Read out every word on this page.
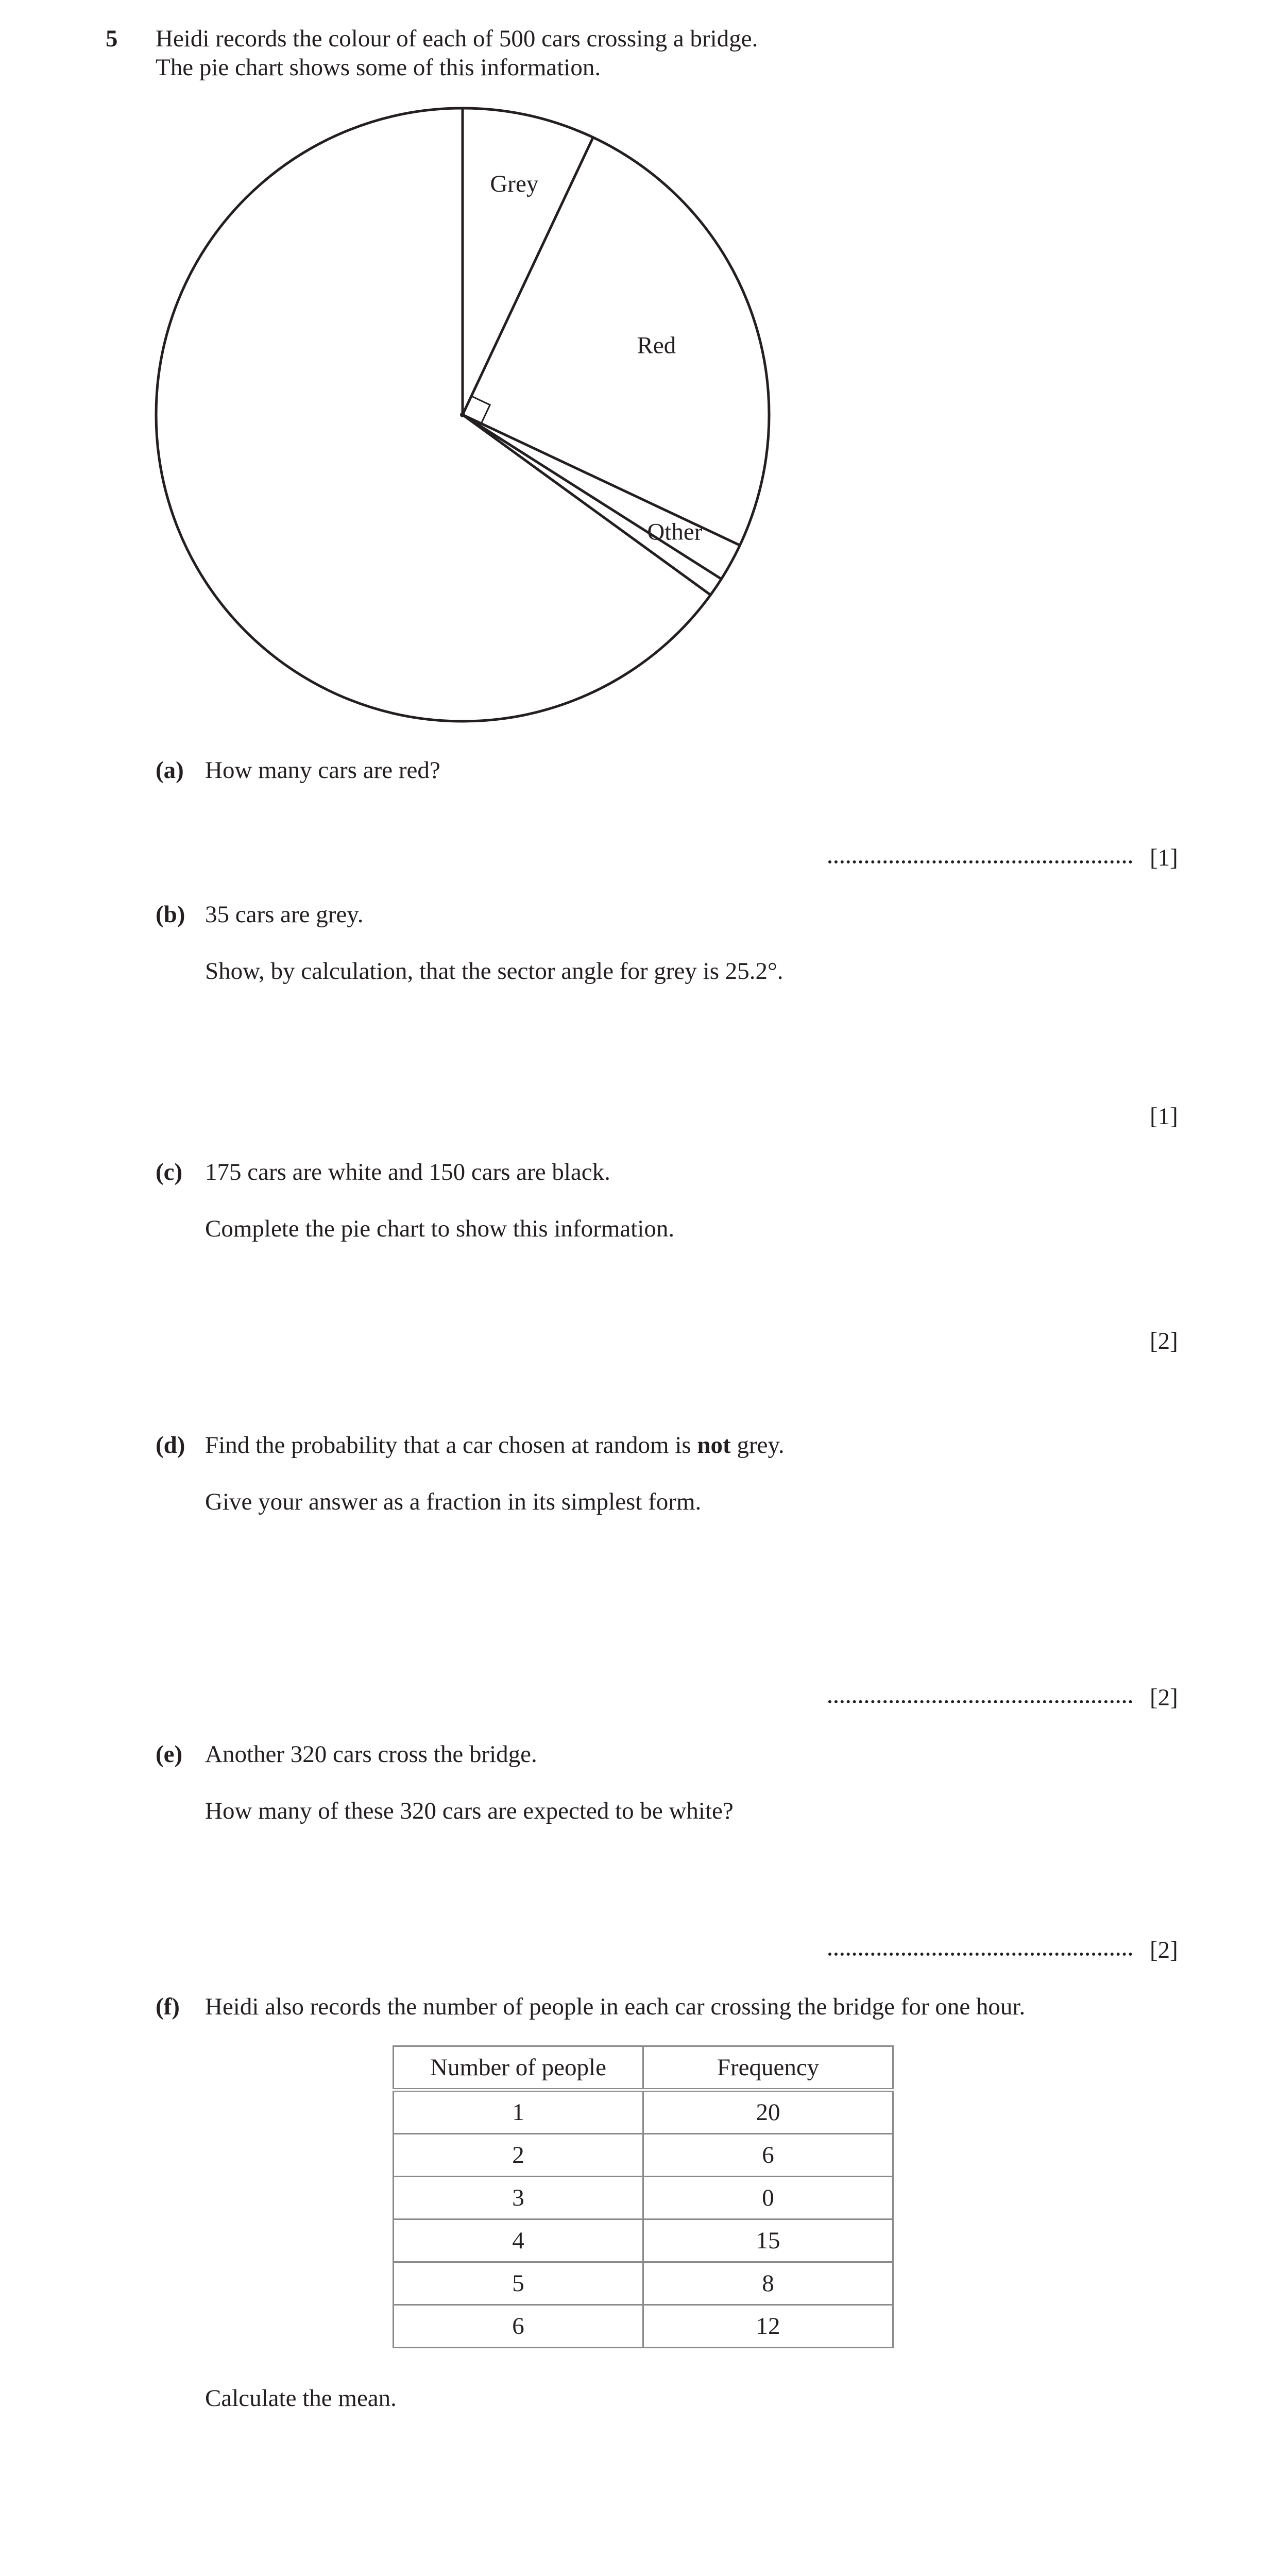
5 Heidi records the colour of each of 500 cars crossing a bridge.
The pie chart shows some of this information.
Grey
Red
Other
(a) How many cars are red?
[1]
(b) 35 cars are grey.
Show, by calculation, that the sector angle for grey is 25.2°.
[1]
(c) 175 cars are white and 150 cars are black.
Complete the pie chart to show this information.
[2]
(d) Find the probability that a car chosen at random is not grey.
Give your answer as a fraction in its simplest form.
[2]
(e) Another 320 cars cross the bridge.
How many of these 320 cars are expected to be white?
[2]
(f) Heidi also records the number of people in each car crossing the bridge for one hour.
Number of people	Frequency
1	20
2	6
3	0
4	15
5	8
6	12
Calculate the mean.
